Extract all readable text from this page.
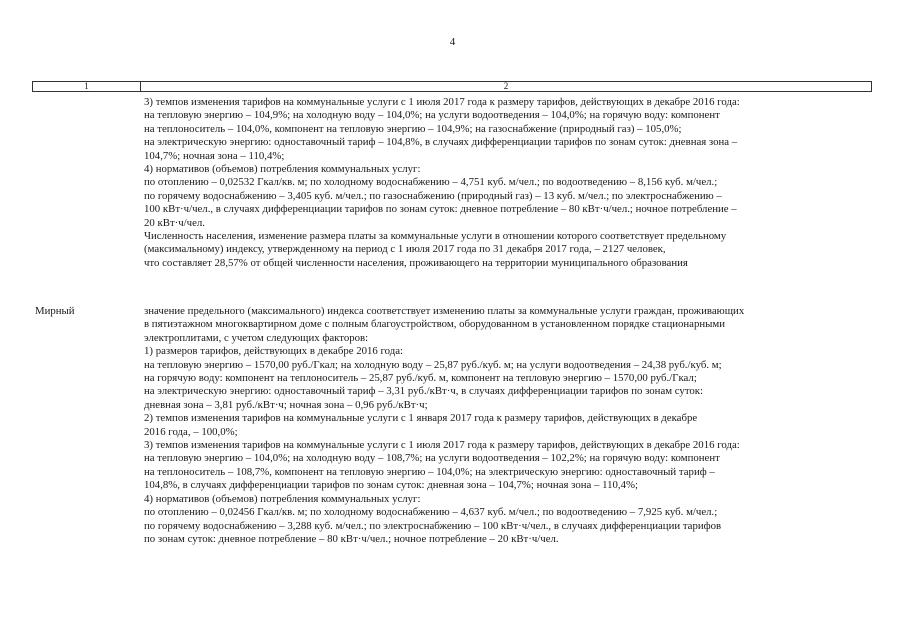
4
1	2
3) темпов изменения тарифов на коммунальные услуги с 1 июля 2017 года к размеру тарифов, действующих в декабре 2016 года:
на тепловую энергию – 104,9%; на холодную воду – 104,0%; на услуги водоотведения – 104,0%; на горячую воду: компонент
на теплоноситель – 104,0%, компонент на тепловую энергию – 104,9%; на газоснабжение (природный газ) – 105,0%;
на электрическую энергию: одноставочный тариф – 104,8%, в случаях дифференциации тарифов по зонам суток: дневная зона –
104,7%; ночная зона – 110,4%;
4) нормативов (объемов) потребления коммунальных услуг:
по отоплению – 0,02532 Гкал/кв. м; по холодному водоснабжению – 4,751 куб. м/чел.; по водоотведению – 8,156 куб. м/чел.;
по горячему водоснабжению – 3,405 куб. м/чел.; по газоснабжению (природный газ) – 13 куб. м/чел.; по электроснабжению –
100 кВт·ч/чел., в случаях дифференциации тарифов по зонам суток: дневное потребление – 80 кВт·ч/чел.; ночное потребление –
20 кВт·ч/чел.
Численность населения, изменение размера платы за коммунальные услуги в отношении которого соответствует предельному
(максимальному) индексу, утвержденному на период с 1 июля 2017 года по 31 декабря 2017 года, – 2127 человек,
что составляет 28,57% от общей численности населения, проживающего на территории муниципального образования
Мирный	значение предельного (максимального) индекса соответствует изменению платы за коммунальные услуги граждан, проживающих
в пятиэтажном многоквартирном доме с полным благоустройством, оборудованном в установленном порядке стационарными
электроплитами, с учетом следующих факторов:
1) размеров тарифов, действующих в декабре 2016 года:
на тепловую энергию – 1570,00 руб./Гкал; на холодную воду – 25,87 руб./куб. м; на услуги водоотведения – 24,38 руб./куб. м;
на горячую воду: компонент на теплоноситель – 25,87 руб./куб. м, компонент на тепловую энергию – 1570,00 руб./Гкал;
на электрическую энергию: одноставочный тариф – 3,31 руб./кВт·ч, в случаях дифференциации тарифов по зонам суток:
дневная зона – 3,81 руб./кВт·ч; ночная зона – 0,96 руб./кВт·ч;
2) темпов изменения тарифов на коммунальные услуги с 1 января 2017 года к размеру тарифов, действующих в декабре
2016 года, – 100,0%;
3) темпов изменения тарифов на коммунальные услуги с 1 июля 2017 года к размеру тарифов, действующих в декабре 2016 года:
на тепловую энергию – 104,0%; на холодную воду – 108,7%; на услуги водоотведения – 102,2%; на горячую воду: компонент
на теплоноситель – 108,7%, компонент на тепловую энергию – 104,0%; на электрическую энергию: одноставочный тариф –
104,8%, в случаях дифференциации тарифов по зонам суток: дневная зона – 104,7%; ночная зона – 110,4%;
4) нормативов (объемов) потребления коммунальных услуг:
по отоплению – 0,02456 Гкал/кв. м; по холодному водоснабжению – 4,637 куб. м/чел.; по водоотведению – 7,925 куб. м/чел.;
по горячему водоснабжению – 3,288 куб. м/чел.; по электроснабжению – 100 кВт·ч/чел., в случаях дифференциации тарифов
по зонам суток: дневное потребление – 80 кВт·ч/чел.; ночное потребление – 20 кВт·ч/чел.
